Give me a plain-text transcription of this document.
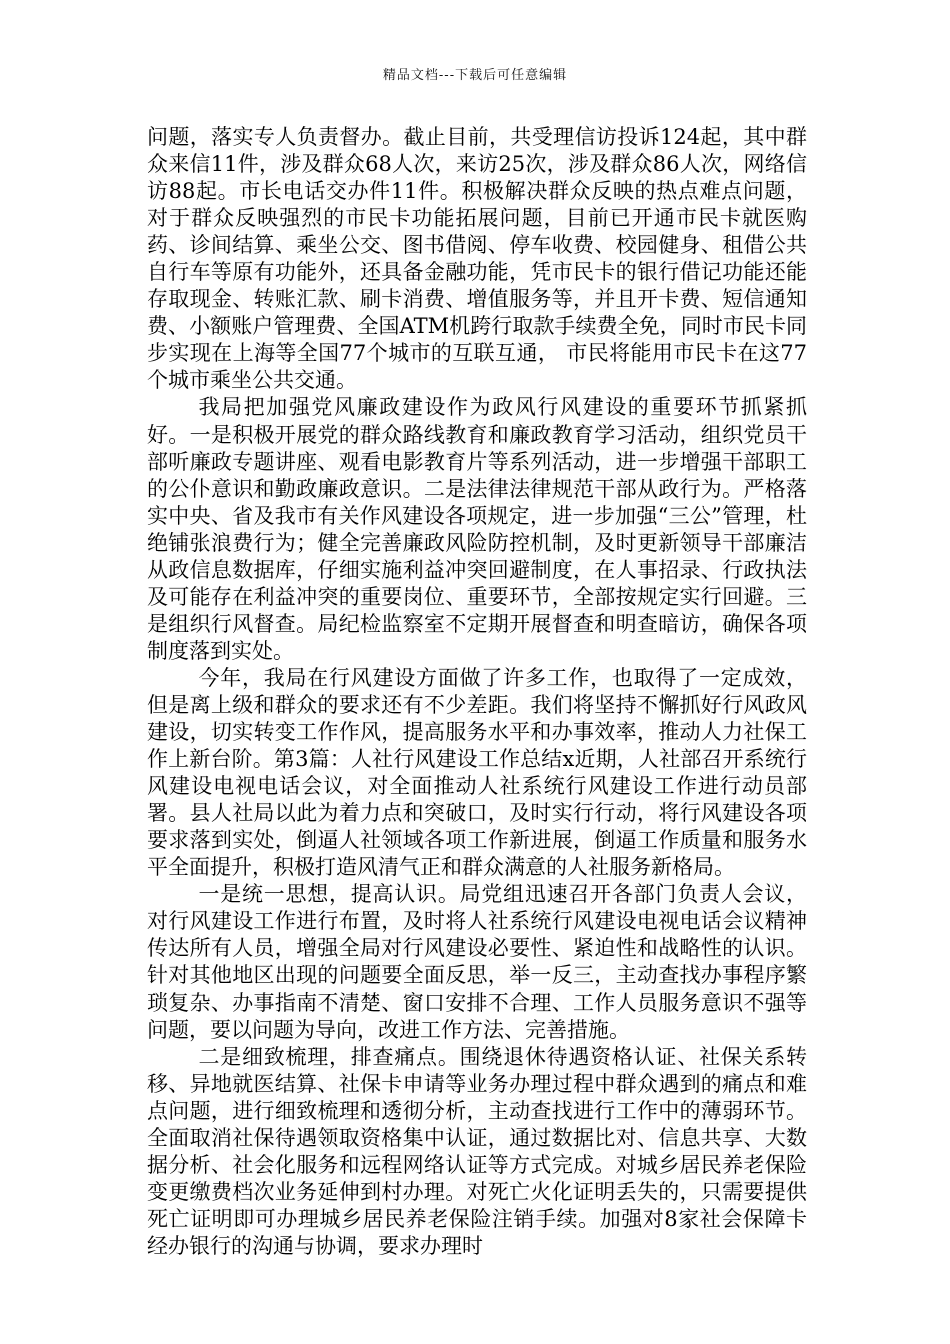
精品文档---下载后可任意编辑

问题，落实专人负责督办。截止目前，共受理信访投诉124起，其中群众来信11件，涉及群众68人次，来访25次，涉及群众86人次，网络信访88起。市长电话交办件11件。积极解决群众反映的热点难点问题，对于群众反映强烈的市民卡功能拓展问题，目前已开通市民卡就医购药、诊间结算、乘坐公交、图书借阅、停车收费、校园健身、租借公共自行车等原有功能外，还具备金融功能，凭市民卡的银行借记功能还能存取现金、转账汇款、刷卡消费、增值服务等，并且开卡费、短信通知费、小额账户管理费、全国ATM机跨行取款手续费全免，同时市民卡同步实现在上海等全国77个城市的互联互通， 市民将能用市民卡在这77个城市乘坐公共交通。

我局把加强党风廉政建设作为政风行风建设的重要环节抓紧抓好。一是积极开展党的群众路线教育和廉政教育学习活动，组织党员干部听廉政专题讲座、观看电影教育片等系列活动，进一步增强干部职工的公仆意识和勤政廉政意识。二是法律法律规范干部从政行为。严格落实中央、省及我市有关作风建设各项规定，进一步加强“三公”管理，杜绝铺张浪费行为；健全完善廉政风险防控机制，及时更新领导干部廉洁从政信息数据库，仔细实施利益冲突回避制度，在人事招录、行政执法及可能存在利益冲突的重要岗位、重要环节，全部按规定实行回避。三是组织行风督查。局纪检监察室不定期开展督查和明查暗访，确保各项制度落到实处。

今年，我局在行风建设方面做了许多工作，也取得了一定成效，但是离上级和群众的要求还有不少差距。我们将坚持不懈抓好行风政风建设，切实转变工作作风，提高服务水平和办事效率，推动人力社保工作上新台阶。第3篇：人社行风建设工作总结x近期，人社部召开系统行风建设电视电话会议，对全面推动人社系统行风建设工作进行动员部署。县人社局以此为着力点和突破口，及时实行行动，将行风建设各项要求落到实处，倒逼人社领域各项工作新进展，倒逼工作质量和服务水平全面提升，积极打造风清气正和群众满意的人社服务新格局。

一是统一思想，提高认识。局党组迅速召开各部门负责人会议，对行风建设工作进行布置，及时将人社系统行风建设电视电话会议精神传达所有人员，增强全局对行风建设必要性、紧迫性和战略性的认识。针对其他地区出现的问题要全面反思，举一反三，主动查找办事程序繁琐复杂、办事指南不清楚、窗口安排不合理、工作人员服务意识不强等问题，要以问题为导向，改进工作方法、完善措施。

二是细致梳理，排查痛点。围绕退休待遇资格认证、社保关系转移、异地就医结算、社保卡申请等业务办理过程中群众遇到的痛点和难点问题，进行细致梳理和透彻分析，主动查找进行工作中的薄弱环节。全面取消社保待遇领取资格集中认证，通过数据比对、信息共享、大数据分析、社会化服务和远程网络认证等方式完成。对城乡居民养老保险变更缴费档次业务延伸到村办理。对死亡火化证明丢失的，只需要提供死亡证明即可办理城乡居民养老保险注销手续。加强对8家社会保障卡经办银行的沟通与协调，要求办理时
